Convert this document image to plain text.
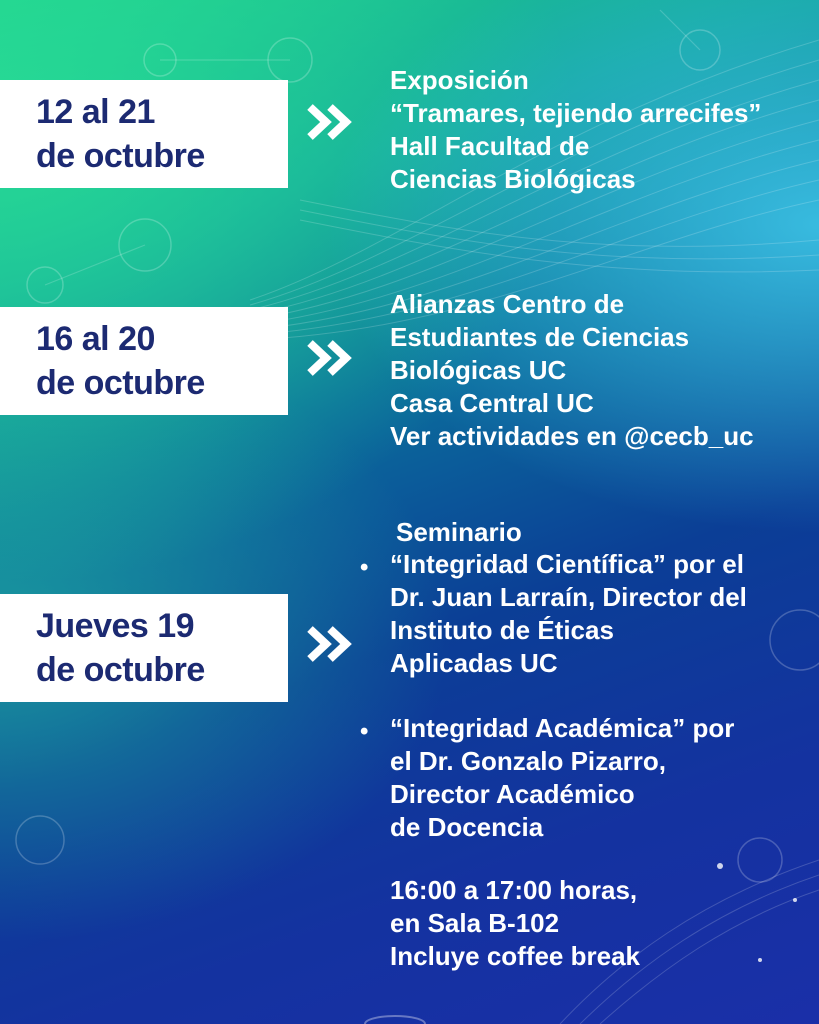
12 al 21
de octubre
Exposición
“Tramares, tejiendo arrecifes”
Hall Facultad de
Ciencias Biológicas
16 al 20
de octubre
Alianzas Centro de
Estudiantes de Ciencias
Biológicas UC
Casa Central UC
Ver actividades en @cecb_uc
Jueves 19
de octubre
Seminario
• “Integridad Científica” por el
Dr. Juan Larraín, Director del
Instituto de Éticas
Aplicadas UC
• “Integridad Académica” por
el Dr. Gonzalo Pizarro,
Director Académico
de Docencia
16:00 a 17:00 horas,
en Sala B-102
Incluye coffee break
